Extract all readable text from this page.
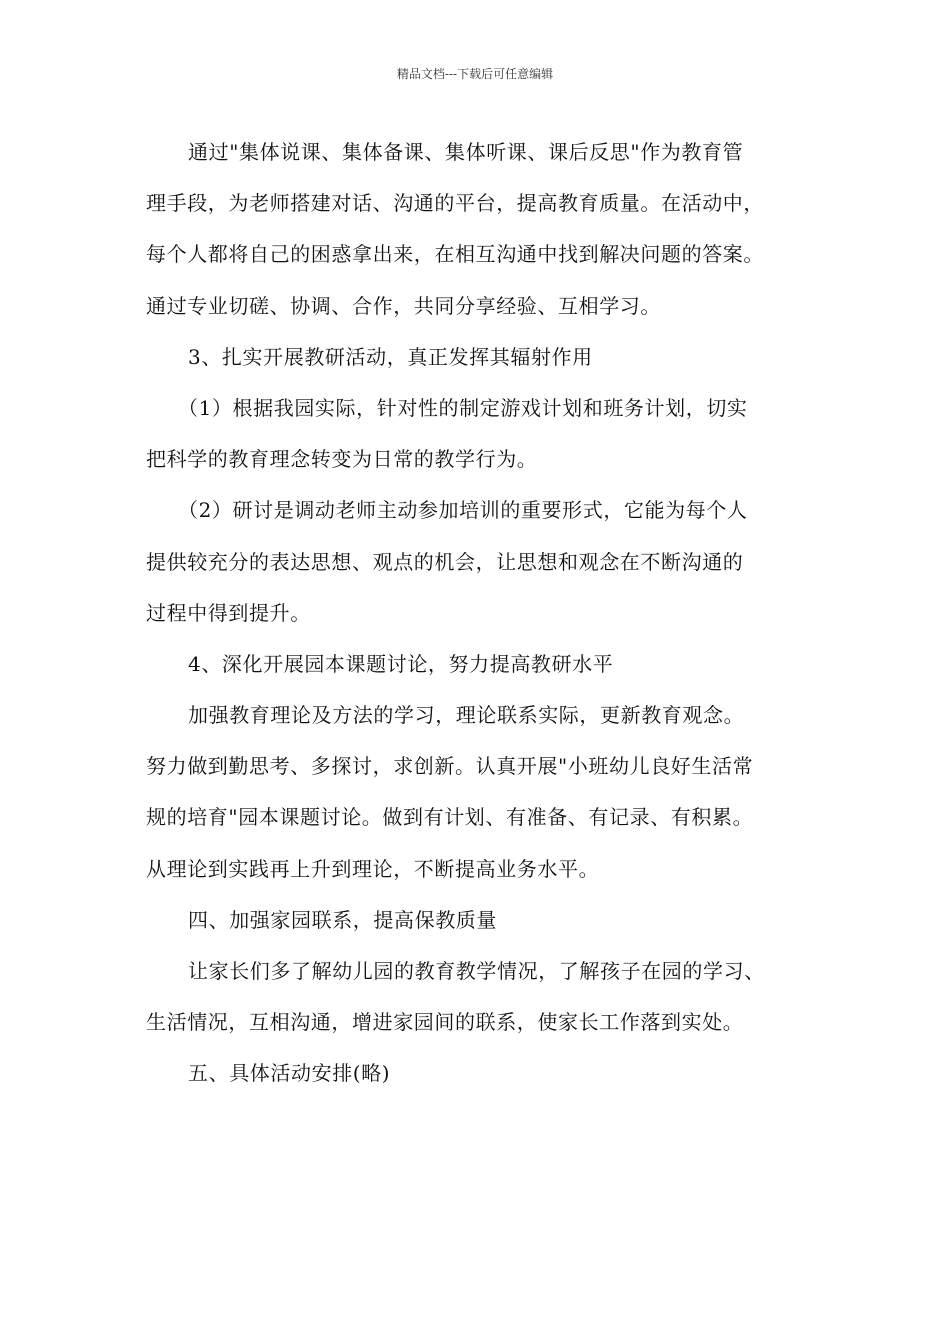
精品文档---下载后可任意编辑
通过"集体说课、集体备课、集体听课、课后反思"作为教育管
理手段，为老师搭建对话、沟通的平台，提高教育质量。在活动中，
每个人都将自己的困惑拿出来，在相互沟通中找到解决问题的答案。
通过专业切磋、协调、合作，共同分享经验、互相学习。
3、扎实开展教研活动，真正发挥其辐射作用
（1）根据我园实际，针对性的制定游戏计划和班务计划，切实
把科学的教育理念转变为日常的教学行为。
（2）研讨是调动老师主动参加培训的重要形式，它能为每个人
提供较充分的表达思想、观点的机会，让思想和观念在不断沟通的
过程中得到提升。
4、深化开展园本课题讨论，努力提高教研水平
加强教育理论及方法的学习，理论联系实际，更新教育观念。
努力做到勤思考、多探讨，求创新。认真开展"小班幼儿良好生活常
规的培育"园本课题讨论。做到有计划、有准备、有记录、有积累。
从理论到实践再上升到理论，不断提高业务水平。
四、加强家园联系，提高保教质量
让家长们多了解幼儿园的教育教学情况，了解孩子在园的学习、
生活情况，互相沟通，增进家园间的联系，使家长工作落到实处。
五、具体活动安排(略)
